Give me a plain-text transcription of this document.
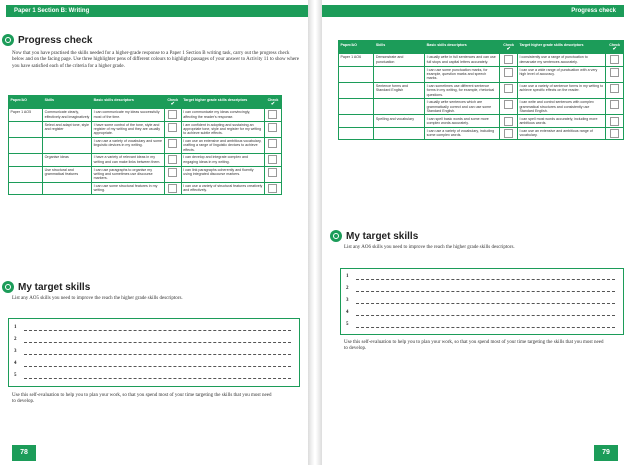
Paper 1 Section B: Writing
Progress check
Now that you have practised the skills needed for a higher-grade response to a Paper 1 Section B writing task, carry out the progress check below and on the facing page. Use three highlighter pens of different colours to highlight passages of your answer to Activity 11 to show where you have satisfied each of the criteria for a higher grade.
Paper/AO	Skills	Basic skills descriptors	Check
✔	Target higher grade skills descriptors	Check
✔

Paper 1 AO5	Communicate clearly, effectively and imaginatively	I can communicate my ideas successfully most of the time.		I can communicate my ideas convincingly, affecting the reader's response.	

	Select and adapt tone, style and register	I have some control of the tone, style and register of my writing and they are usually appropriate.		I am confident in adopting and sustaining an appropriate tone, style and register for my writing to achieve subtle effects.	

		I can use a variety of vocabulary and some linguistic devices in my writing.		I can use an extensive and ambitious vocabulary, crafting a range of linguistic devices to achieve effects.	

	Organise ideas	I have a variety of relevant ideas in my writing and can make links between them.		I can develop and integrate complex and engaging ideas in my writing.	

	Use structural and grammatical features	I can use paragraphs to organise my writing and sometimes use discourse markers.		I can link paragraphs coherently and fluently using integrated discourse markers.	

		I can use some structural features in my writing.		I can use a variety of structural features creatively and effectively.	
My target skills
List any AO5 skills you need to improve the reach the higher grade skills descriptors.
1
2
3
4
5
Use this self-evaluation to help you to plan your work, so that you spend most of your time targeting the skills that you most need to develop.
78
Progress check
Paper/AO	Skills	Basic skills descriptors	Check
✔	Target higher grade skills descriptors	Check
✔

Paper 1 AO6	Demonstrate and punctuation	I usually write in full sentences and can use full stops and capital letters accurately.		I consistently use a range of punctuation to demarcate my sentences accurately.	

		I can use some punctuation marks, for example, question marks and speech marks.		I can use a wide range of punctuation with a very high level of accuracy.	

	Sentence forms and Standard English	I can sometimes use different sentence forms in my writing, for example, rhetorical questions.		I can use a variety of sentence forms in my writing to achieve specific effects on the reader.	

		I usually write sentences which are grammatically correct and can use some Standard English.		I can write and control sentences with complex grammatical structures and consistently use Standard English.	

	Spelling and vocabulary	I can spell basic words and some more complex words accurately.		I can spell most words accurately, including more ambitious words.	

		I can use a variety of vocabulary, including some complex words.		I can use an extensive and ambitious range of vocabulary.	
My target skills
List any AO6 skills you need to improve the reach the higher grade skills descriptors.
1
2
3
4
5
Use this self-evaluation to help you to plan your work, so that you spend most of your time targeting the skills that you most need to develop.
79
